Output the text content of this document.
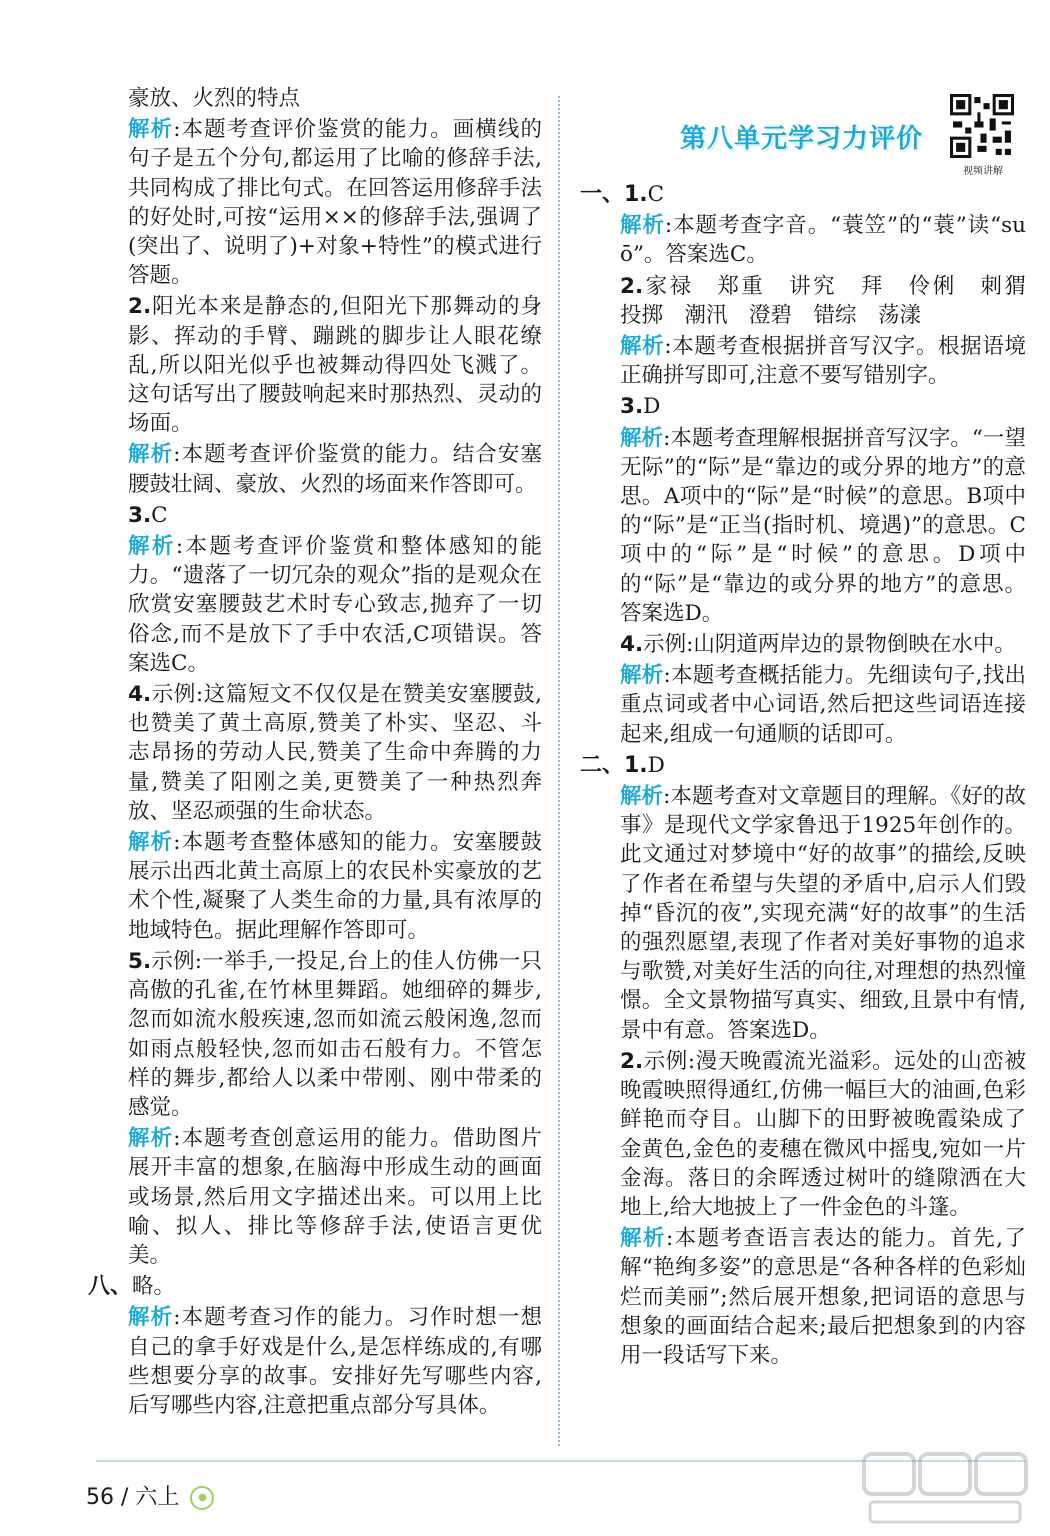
第八单元学习力评价
视频讲解

豪放、火烈的特点

解析:本题考查评价鉴赏的能力。画横线的句子是五个分句,都运用了比喻的修辞手法,共同构成了排比句式。在回答运用修辞手法的好处时,可按“运用××的修辞手法,强调了(突出了、说明了)+对象+特性”的模式进行答题。

2.阳光本来是静态的,但阳光下那舞动的身影、挥动的手臂、蹦跳的脚步让人眼花缭乱,所以阳光似乎也被舞动得四处飞溅了。这句话写出了腰鼓响起来时那热烈、灵动的场面。

解析:本题考查评价鉴赏的能力。结合安塞腰鼓壮阔、豪放、火烈的场面来作答即可。

3.C

解析:本题考查评价鉴赏和整体感知的能力。“遗落了一切冗杂的观众”指的是观众在欣赏安塞腰鼓艺术时专心致志,抛弃了一切俗念,而不是放下了手中农活,C项错误。答案选C。

4.示例:这篇短文不仅仅是在赞美安塞腰鼓,也赞美了黄土高原,赞美了朴实、坚忍、斗志昂扬的劳动人民,赞美了生命中奔腾的力量,赞美了阳刚之美,更赞美了一种热烈奔放、坚忍顽强的生命状态。

解析:本题考查整体感知的能力。安塞腰鼓展示出西北黄土高原上的农民朴实豪放的艺术个性,凝聚了人类生命的力量,具有浓厚的地域特色。据此理解作答即可。

5.示例:一举手,一投足,台上的佳人仿佛一只高傲的孔雀,在竹林里舞蹈。她细碎的舞步,忽而如流水般疾速,忽而如流云般闲逸,忽而如雨点般轻快,忽而如击石般有力。不管怎样的舞步,都给人以柔中带刚、刚中带柔的感觉。

解析:本题考查创意运用的能力。借助图片展开丰富的想象,在脑海中形成生动的画面或场景,然后用文字描述出来。可以用上比喻、拟人、排比等修辞手法,使语言更优美。

八、略。

解析:本题考查习作的能力。习作时想一想自己的拿手好戏是什么,是怎样练成的,有哪些想要分享的故事。安排好先写哪些内容,后写哪些内容,注意把重点部分写具体。

一、1.C

解析:本题考查字音。“蓑笠”的“蓑”读“suō”。答案选C。

2.家禄　郑重　讲究　拜　伶俐　刺猬　投掷　潮汛　澄碧　错综　荡漾

解析:本题考查根据拼音写汉字。根据语境正确拼写即可,注意不要写错别字。

3.D

解析:本题考查理解根据拼音写汉字。“一望无际”的“际”是“靠边的或分界的地方”的意思。A项中的“际”是“时候”的意思。B项中的“际”是“正当(指时机、境遇)”的意思。C项中的“际”是“时候”的意思。D项中的“际”是“靠边的或分界的地方”的意思。答案选D。

4.示例:山阴道两岸边的景物倒映在水中。

解析:本题考查概括能力。先细读句子,找出重点词或者中心词语,然后把这些词语连接起来,组成一句通顺的话即可。

二、1.D

解析:本题考查对文章题目的理解。《好的故事》是现代文学家鲁迅于1925年创作的。此文通过对梦境中“好的故事”的描绘,反映了作者在希望与失望的矛盾中,启示人们毁掉“昏沉的夜”,实现充满“好的故事”的生活的强烈愿望,表现了作者对美好事物的追求与歌赞,对美好生活的向往,对理想的热烈憧憬。全文景物描写真实、细致,且景中有情,景中有意。答案选D。

2.示例:漫天晚霞流光溢彩。远处的山峦被晚霞映照得通红,仿佛一幅巨大的油画,色彩鲜艳而夺目。山脚下的田野被晚霞染成了金黄色,金色的麦穗在微风中摇曳,宛如一片金海。落日的余晖透过树叶的缝隙洒在大地上,给大地披上了一件金色的斗篷。

解析:本题考查语言表达的能力。首先,了解“艳绚多姿”的意思是“各种各样的色彩灿烂而美丽”;然后展开想象,把词语的意思与想象的画面结合起来;最后把想象到的内容用一段话写下来。

56 / 六上 ●
